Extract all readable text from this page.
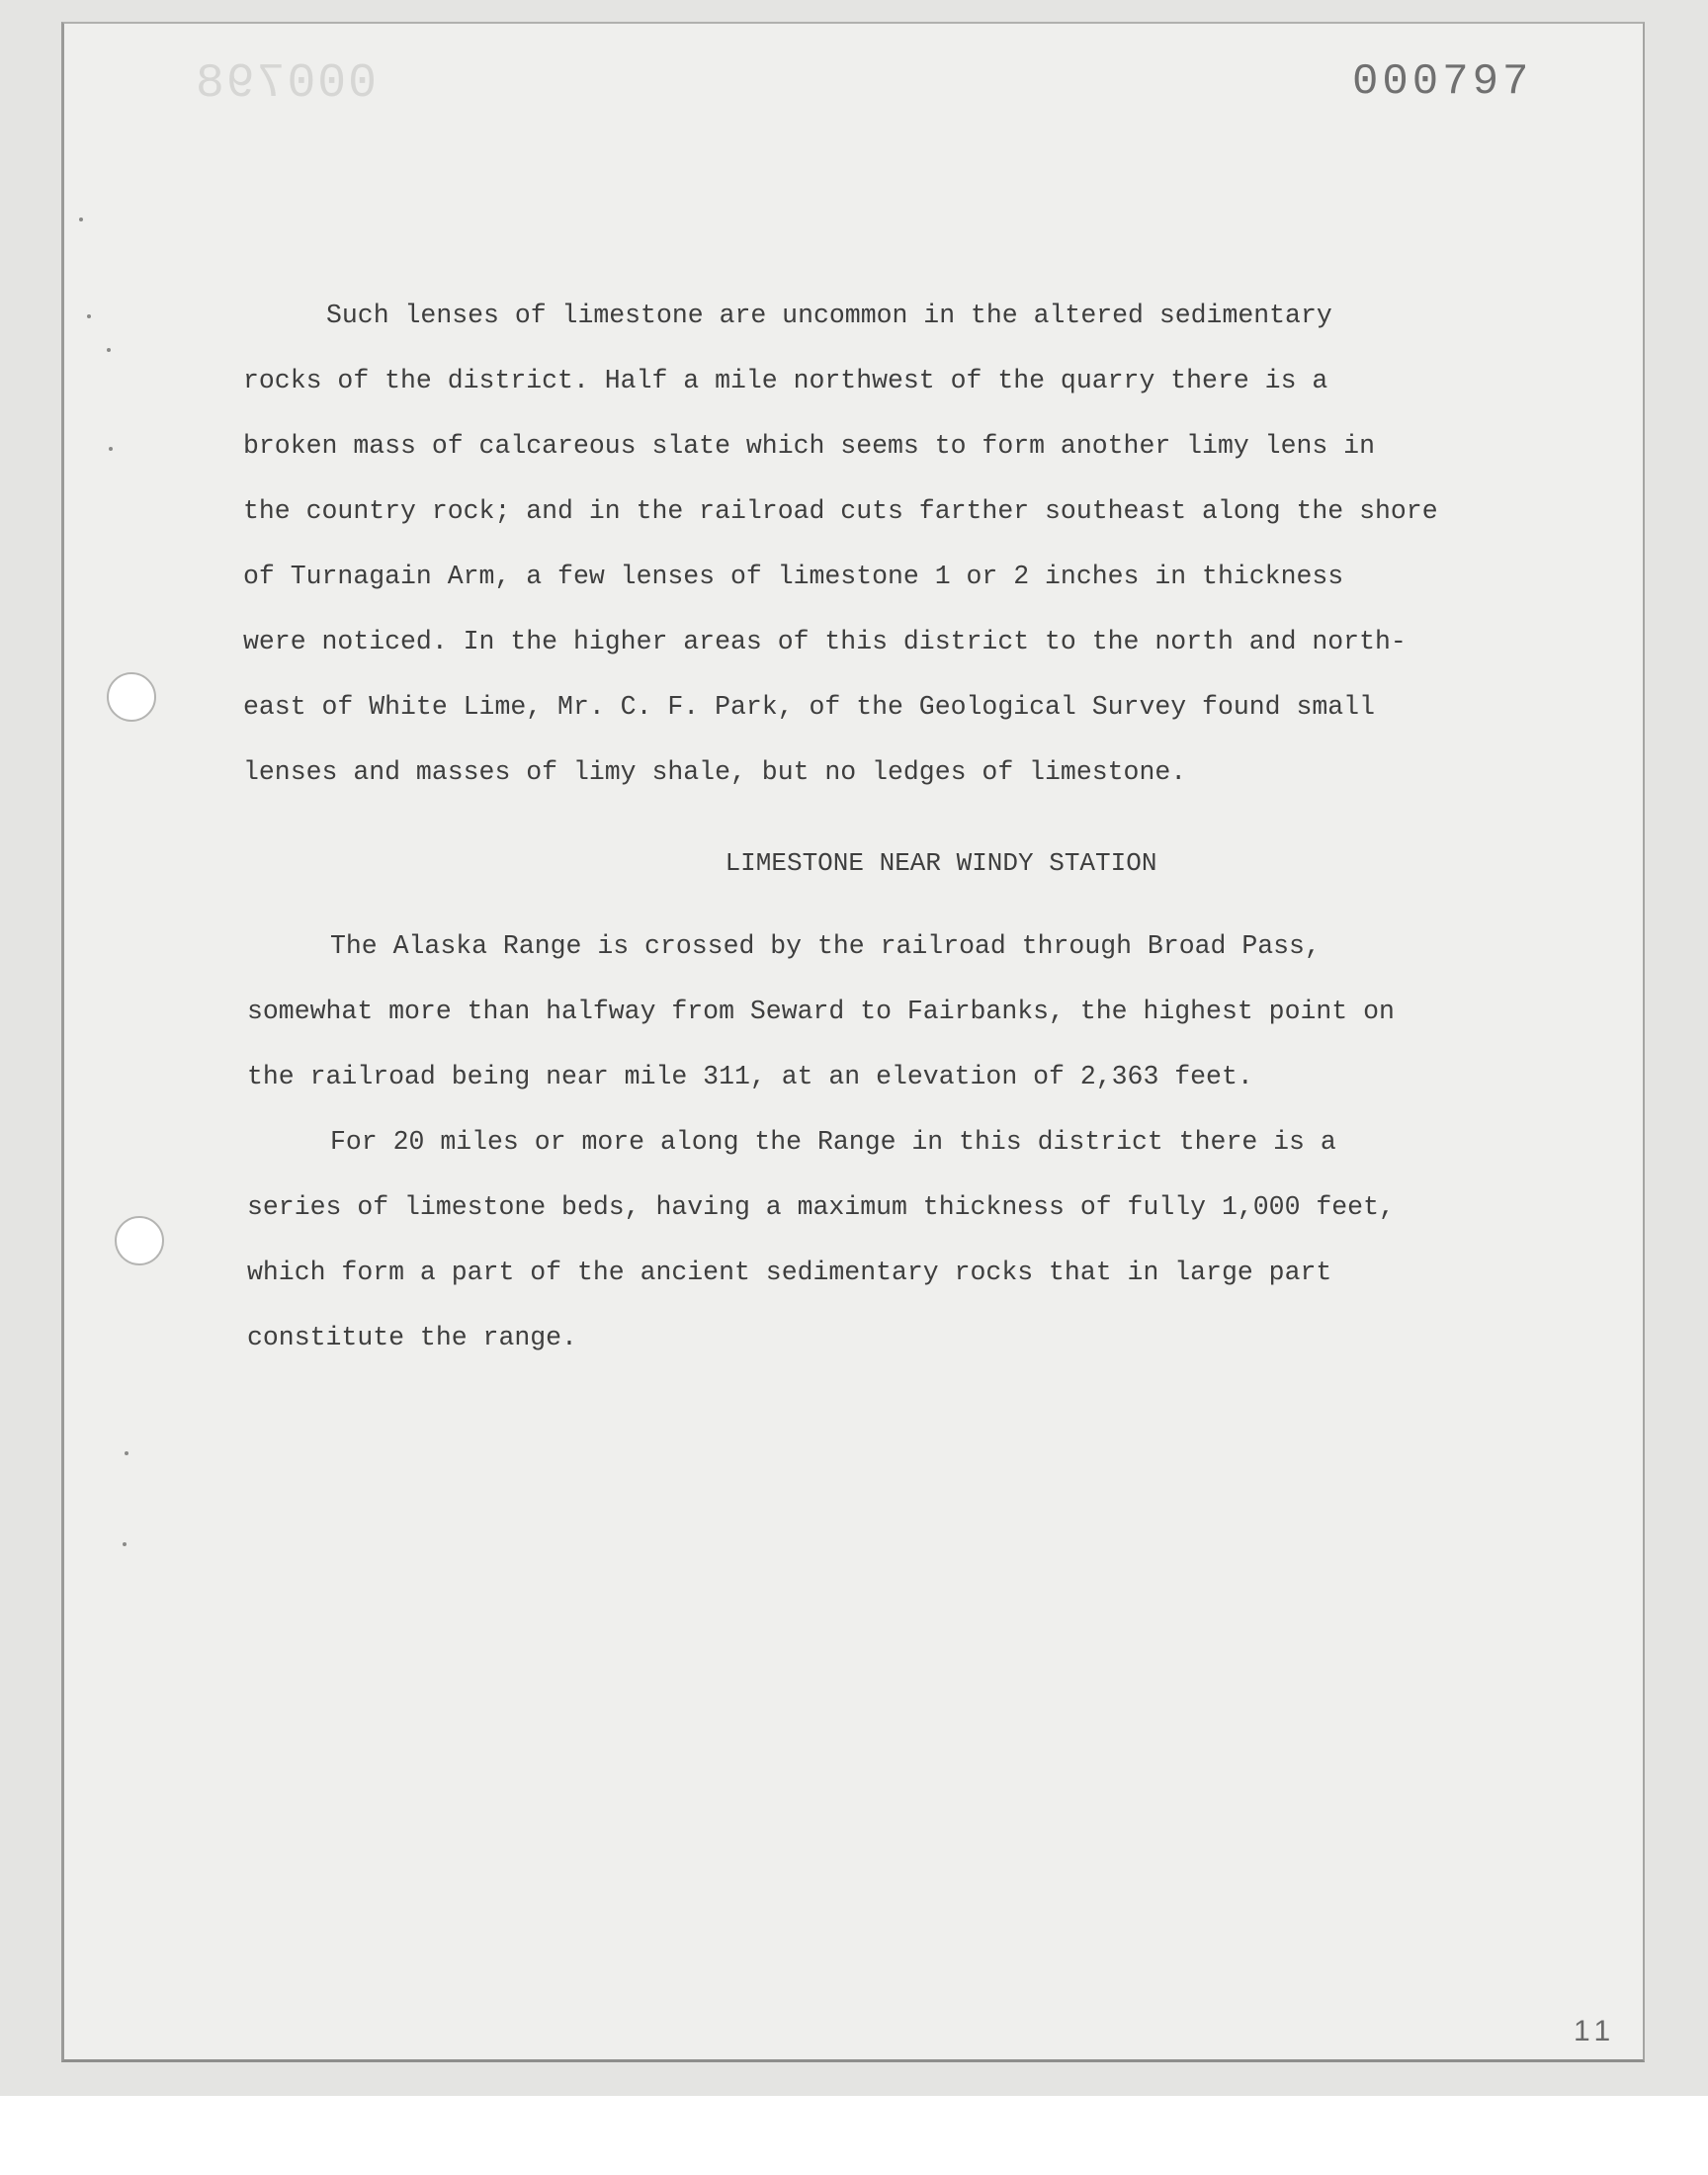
000798	000797
Such lenses of limestone are uncommon in the altered sedimentary
rocks of the district. Half a mile northwest of the quarry there is a
broken mass of calcareous slate which seems to form another limy lens in
the country rock; and in the railroad cuts farther southeast along the shore
of Turnagain Arm, a few lenses of limestone 1 or 2 inches in thickness
were noticed. In the higher areas of this district to the north and north-
east of White Lime, Mr. C. F. Park, of the Geological Survey found small
lenses and masses of limy shale, but no ledges of limestone.
LIMESTONE NEAR WINDY STATION
The Alaska Range is crossed by the railroad through Broad Pass,
somewhat more than halfway from Seward to Fairbanks, the highest point on
the railroad being near mile 311, at an elevation of 2,363 feet.
For 20 miles or more along the Range in this district there is a
series of limestone beds, having a maximum thickness of fully 1,000 feet,
which form a part of the ancient sedimentary rocks that in large part
constitute the range.
11
